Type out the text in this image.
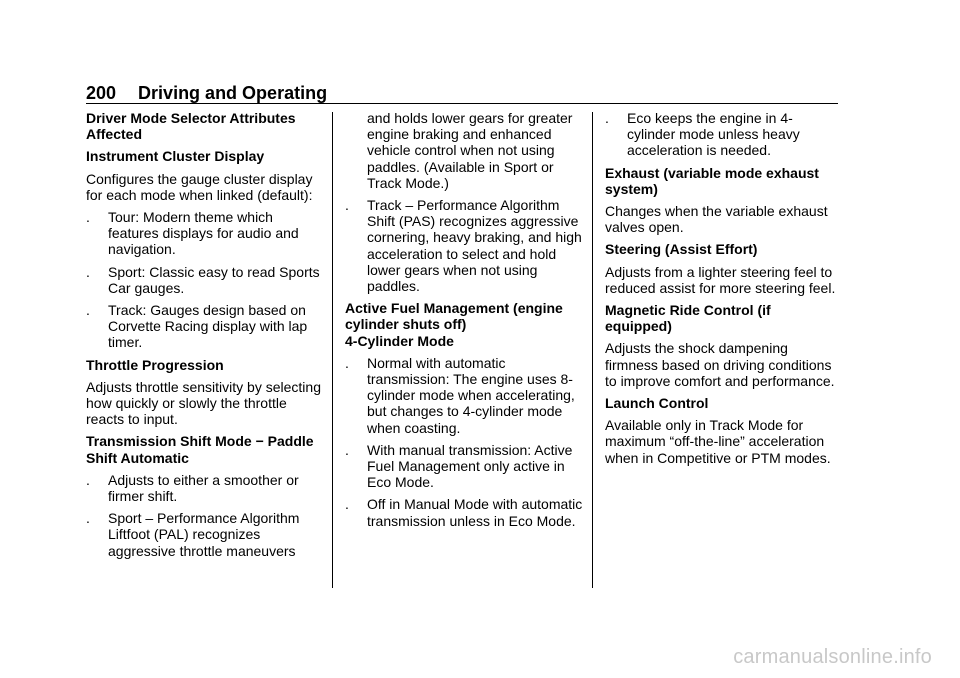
200 Driving and Operating
Driver Mode Selector Attributes Affected
Instrument Cluster Display
Configures the gauge cluster display for each mode when linked (default):
. Tour: Modern theme which features displays for audio and navigation.
. Sport: Classic easy to read Sports Car gauges.
. Track: Gauges design based on Corvette Racing display with lap timer.
Throttle Progression
Adjusts throttle sensitivity by selecting how quickly or slowly the throttle reacts to input.
Transmission Shift Mode − Paddle Shift Automatic
. Adjusts to either a smoother or firmer shift.
. Sport – Performance Algorithm Liftfoot (PAL) recognizes aggressive throttle maneuvers
and holds lower gears for greater engine braking and enhanced vehicle control when not using paddles. (Available in Sport or Track Mode.)
. Track – Performance Algorithm Shift (PAS) recognizes aggressive cornering, heavy braking, and high acceleration to select and hold lower gears when not using paddles.
Active Fuel Management (engine cylinder shuts off)
4-Cylinder Mode
. Normal with automatic transmission: The engine uses 8-cylinder mode when accelerating, but changes to 4-cylinder mode when coasting.
. With manual transmission: Active Fuel Management only active in Eco Mode.
. Off in Manual Mode with automatic transmission unless in Eco Mode.
. Eco keeps the engine in 4-cylinder mode unless heavy acceleration is needed.
Exhaust (variable mode exhaust system)
Changes when the variable exhaust valves open.
Steering (Assist Effort)
Adjusts from a lighter steering feel to reduced assist for more steering feel.
Magnetic Ride Control (if equipped)
Adjusts the shock dampening firmness based on driving conditions to improve comfort and performance.
Launch Control
Available only in Track Mode for maximum “off-the-line” acceleration when in Competitive or PTM modes.
carmanualsonline.info
